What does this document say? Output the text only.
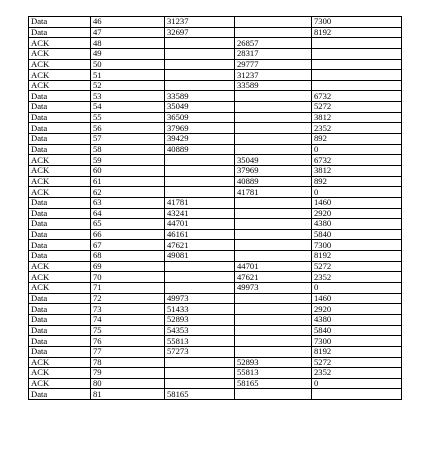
Data	46	31237		7300
Data	47	32697		8192
ACK	48		26857	
ACK	49		28317	
ACK	50		29777	
ACK	51		31237	
ACK	52		33589	
Data	53	33589		6732
Data	54	35049		5272
Data	55	36509		3812
Data	56	37969		2352
Data	57	39429		892
Data	58	40889		0
ACK	59		35049	6732
ACK	60		37969	3812
ACK	61		40889	892
ACK	62		41781	0
Data	63	41781		1460
Data	64	43241		2920
Data	65	44701		4380
Data	66	46161		5840
Data	67	47621		7300
Data	68	49081		8192
ACK	69		44701	5272
ACK	70		47621	2352
ACK	71		49973	0
Data	72	49973		1460
Data	73	51433		2920
Data	74	52893		4380
Data	75	54353		5840
Data	76	55813		7300
Data	77	57273		8192
ACK	78		52893	5272
ACK	79		55813	2352
ACK	80		58165	0
Data	81	58165		
